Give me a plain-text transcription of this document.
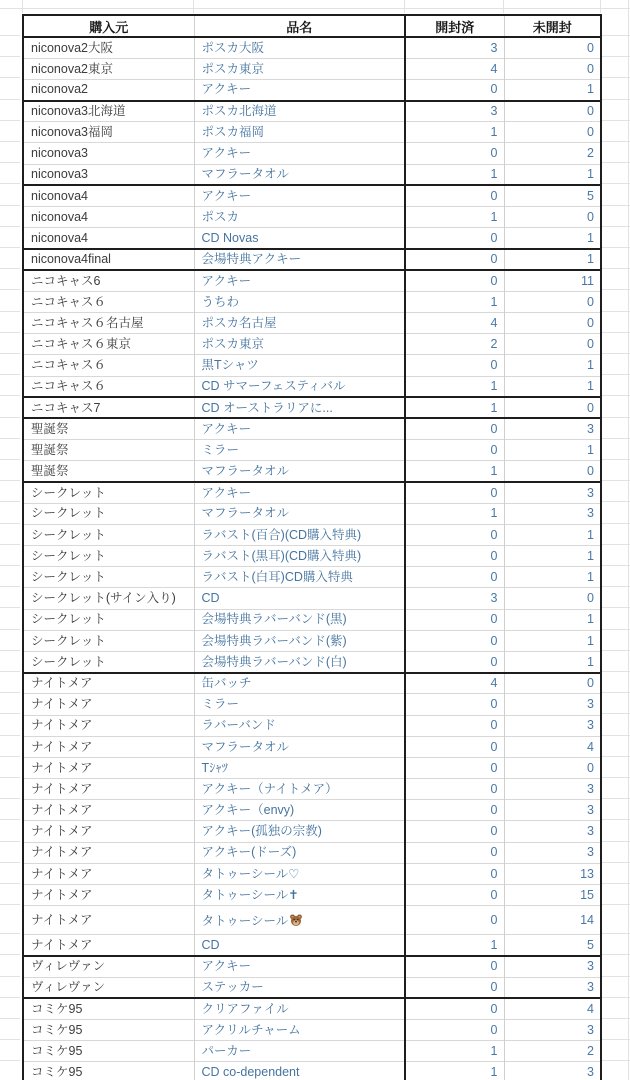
購入元	品名	開封済	未開封
niconova2大阪	ポスカ大阪	3	0
niconova2東京	ポスカ東京	4	0
niconova2	アクキー	0	1
niconova3北海道	ポスカ北海道	3	0
niconova3福岡	ポスカ福岡	1	0
niconova3	アクキー	0	2
niconova3	マフラータオル	1	1
niconova4	アクキー	0	5
niconova4	ポスカ	1	0
niconova4	CD Novas	0	1
niconova4final	会場特典アクキー	0	1
ニコキャス6	アクキー	0	11
ニコキャス６	うちわ	1	0
ニコキャス６名古屋	ポスカ名古屋	4	0
ニコキャス６東京	ポスカ東京	2	0
ニコキャス６	黒Tシャツ	0	1
ニコキャス６	CD サマーフェスティバル	1	1
ニコキャス7	CD オーストラリアに...	1	0
聖誕祭	アクキー	0	3
聖誕祭	ミラー	0	1
聖誕祭	マフラータオル	1	0
シークレット	アクキー	0	3
シークレット	マフラータオル	1	3
シークレット	ラバスト(百合)(CD購入特典)	0	1
シークレット	ラバスト(黒耳)(CD購入特典)	0	1
シークレット	ラバスト(白耳)CD購入特典	0	1
シークレット(サイン入り)	CD	3	0
シークレット	会場特典ラバーバンド(黒)	0	1
シークレット	会場特典ラバーバンド(紫)	0	1
シークレット	会場特典ラバーバンド(白)	0	1
ナイトメア	缶バッチ	4	0
ナイトメア	ミラー	0	3
ナイトメア	ラバーバンド	0	3
ナイトメア	マフラータオル	0	4
ナイトメア	Tｼｬﾂ	0	0
ナイトメア	アクキー（ナイトメア）	0	3
ナイトメア	アクキー（envy)	0	3
ナイトメア	アクキー(孤独の宗教)	0	3
ナイトメア	アクキー(ドーズ)	0	3
ナイトメア	タトゥーシール♡	0	13
ナイトメア	タトゥーシール✝	0	15
ナイトメア	タトゥーシール	0	14
ナイトメア	CD	1	5
ヴィレヴァン	アクキー	0	3
ヴィレヴァン	ステッカー	0	3
コミケ95	クリアファイル	0	4
コミケ95	アクリルチャーム	0	3
コミケ95	パーカー	1	2
コミケ95	CD co-dependent	1	3
